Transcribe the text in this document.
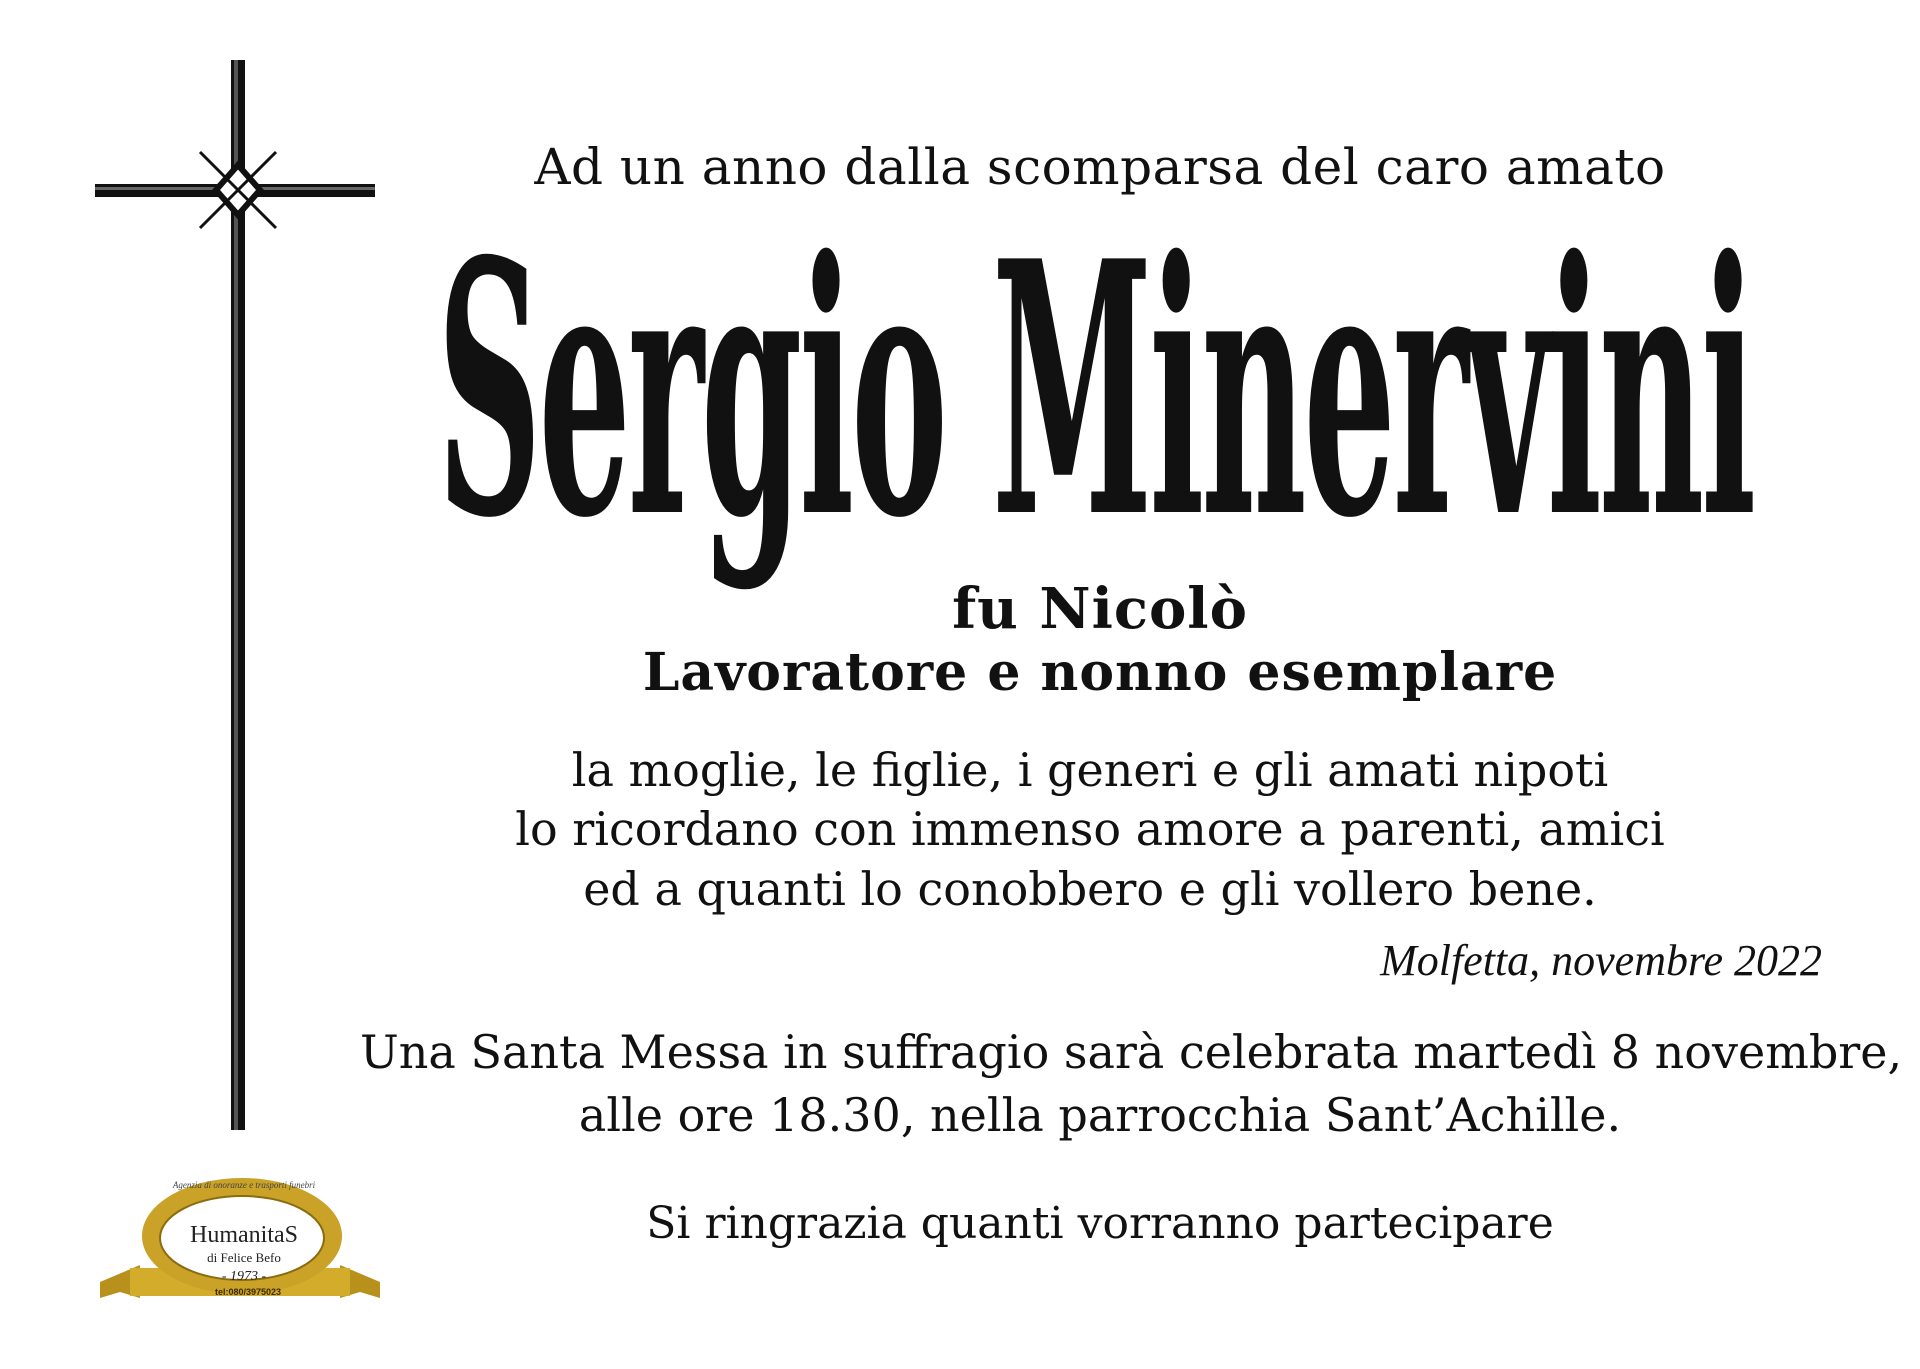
Ad un anno dalla scomparsa del caro amato
Sergio Minervini
fu Nicolò
Lavoratore e nonno esemplare
la moglie, le figlie, i generi e gli amati nipoti
lo ricordano con immenso amore a parenti, amici
ed a quanti lo conobbero e gli vollero bene.
Molfetta, novembre 2022
Una Santa Messa in suffragio sarà celebrata martedì 8 novembre,
alle ore 18.30, nella parrocchia Sant’Achille.
Si ringrazia quanti vorranno partecipare
Agenzia di onoranze e trasporti funebri
HumanitaS
di Felice Befo
- 1973 -
tel:080/3975023
